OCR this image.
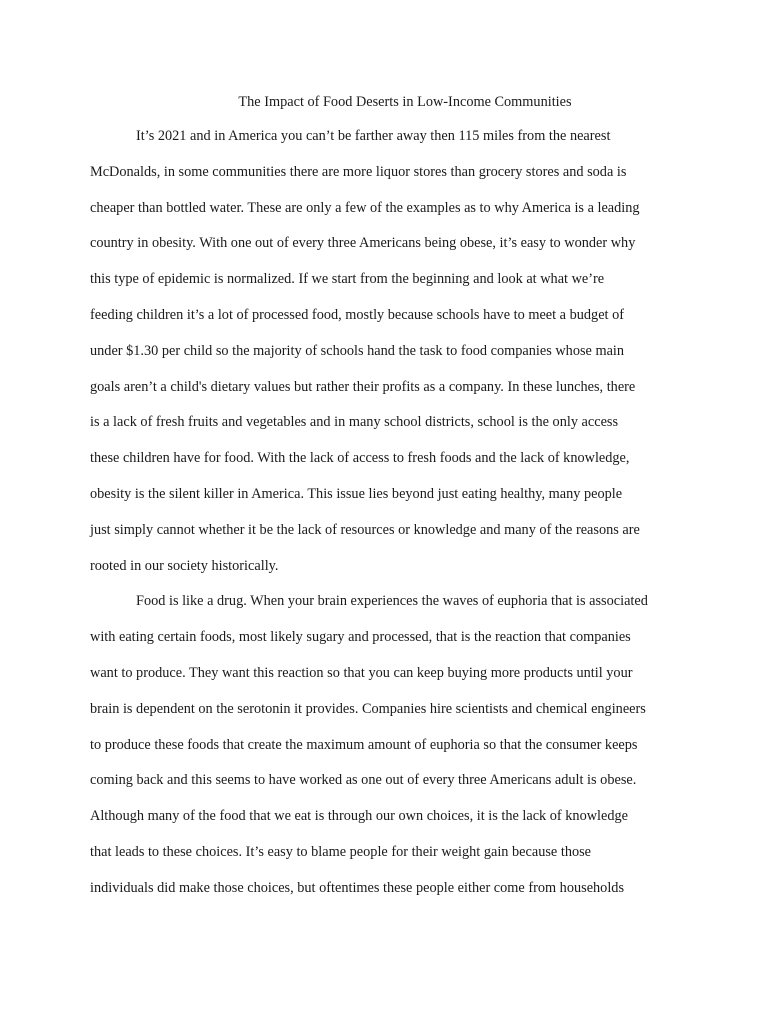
The Impact of Food Deserts in Low-Income Communities
It’s 2021 and in America you can’t be farther away then 115 miles from the nearest
McDonalds, in some communities there are more liquor stores than grocery stores and soda is
cheaper than bottled water. These are only a few of the examples as to why America is a leading
country in obesity. With one out of every three Americans being obese, it’s easy to wonder why
this type of epidemic is normalized. If we start from the beginning and look at what we’re
feeding children it’s a lot of processed food, mostly because schools have to meet a budget of
under $1.30 per child so the majority of schools hand the task to food companies whose main
goals aren’t a child's dietary values but rather their profits as a company. In these lunches, there
is a lack of fresh fruits and vegetables and in many school districts, school is the only access
these children have for food. With the lack of access to fresh foods and the lack of knowledge,
obesity is the silent killer in America. This issue lies beyond just eating healthy, many people
just simply cannot whether it be the lack of resources or knowledge and many of the reasons are
rooted in our society historically.
Food is like a drug. When your brain experiences the waves of euphoria that is associated
with eating certain foods, most likely sugary and processed, that is the reaction that companies
want to produce. They want this reaction so that you can keep buying more products until your
brain is dependent on the serotonin it provides. Companies hire scientists and chemical engineers
to produce these foods that create the maximum amount of euphoria so that the consumer keeps
coming back and this seems to have worked as one out of every three Americans adult is obese.
Although many of the food that we eat is through our own choices, it is the lack of knowledge
that leads to these choices. It’s easy to blame people for their weight gain because those
individuals did make those choices, but oftentimes these people either come from households
